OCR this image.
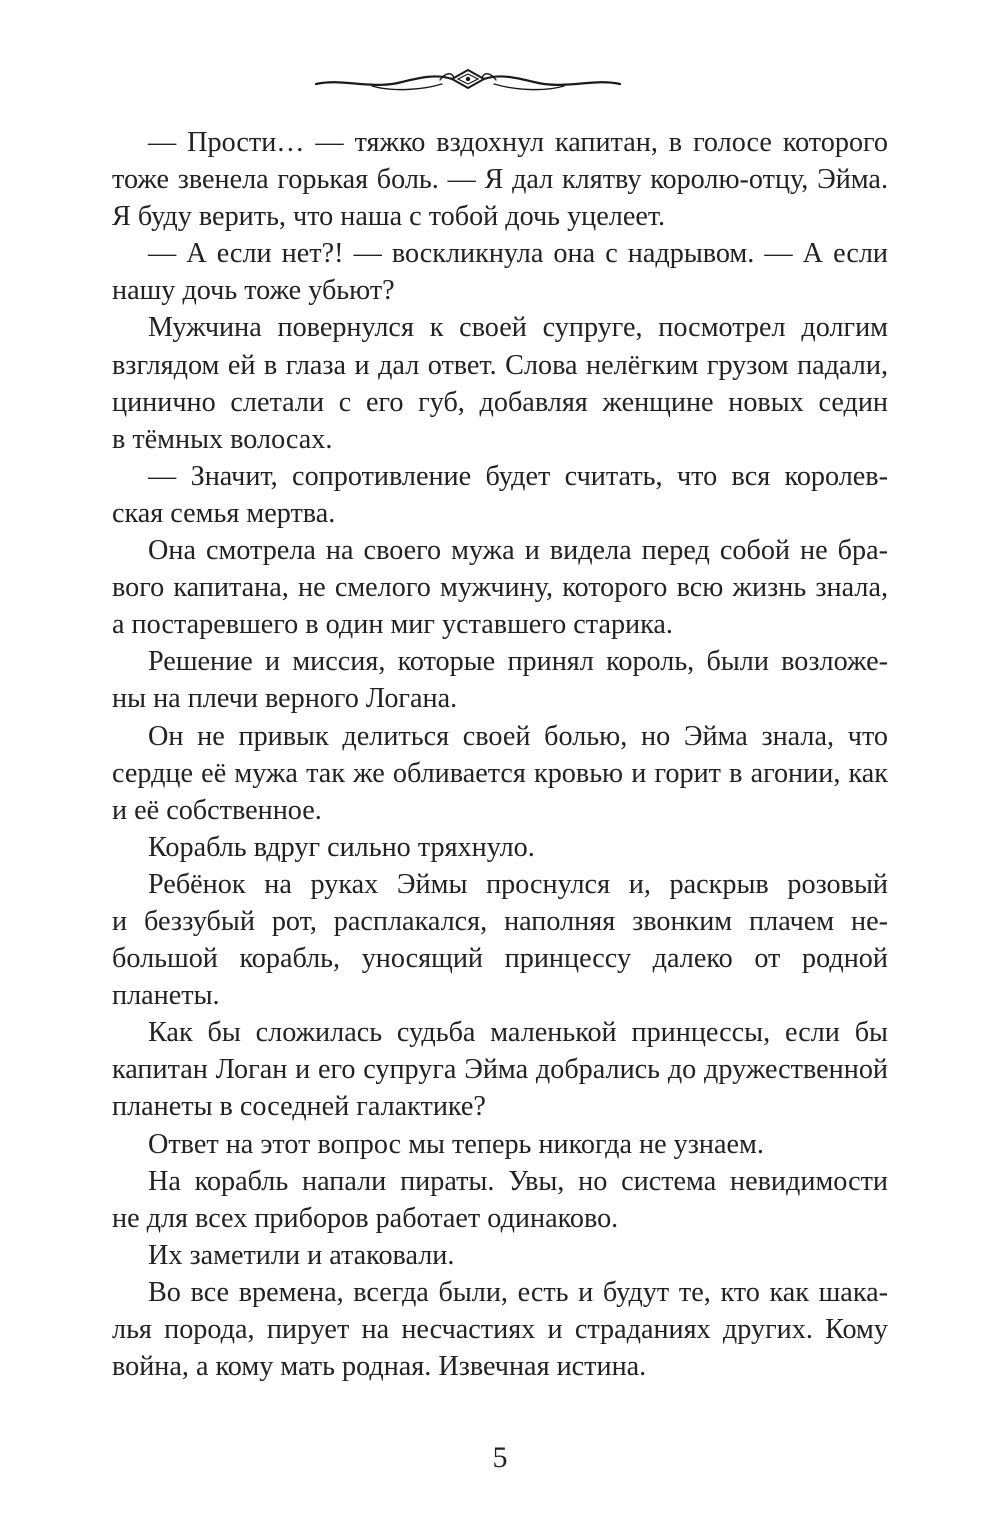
— Прости… — тяжко вздохнул капитан, в голосе которого
тоже звенела горькая боль. — Я дал клятву королю-отцу, Эйма.
Я буду верить, что наша с тобой дочь уцелеет.

— А если нет?! — воскликнула она с надрывом. — А если
нашу дочь тоже убьют?

Мужчина повернулся к своей супруге, посмотрел долгим
взглядом ей в глаза и дал ответ. Слова нелёгким грузом падали,
цинично слетали с его губ, добавляя женщине новых седин
в тёмных волосах.

— Значит, сопротивление будет считать, что вся королев-
ская семья мертва.

Она смотрела на своего мужа и видела перед собой не бра-
вого капитана, не смелого мужчину, которого всю жизнь знала,
а постаревшего в один миг уставшего старика.

Решение и миссия, которые принял король, были возложе-
ны на плечи верного Логана.

Он не привык делиться своей болью, но Эйма знала, что
сердце её мужа так же обливается кровью и горит в агонии, как
и её собственное.

Корабль вдруг сильно тряхнуло.

Ребёнок на руках Эймы проснулся и, раскрыв розовый
и беззубый рот, расплакался, наполняя звонким плачем не-
большой корабль, уносящий принцессу далеко от родной
планеты.

Как бы сложилась судьба маленькой принцессы, если бы
капитан Логан и его супруга Эйма добрались до дружественной
планеты в соседней галактике?

Ответ на этот вопрос мы теперь никогда не узнаем.

На корабль напали пираты. Увы, но система невидимости
не для всех приборов работает одинаково.

Их заметили и атаковали.

Во все времена, всегда были, есть и будут те, кто как шака-
лья порода, пирует на несчастиях и страданиях других. Кому
война, а кому мать родная. Извечная истина.

5
